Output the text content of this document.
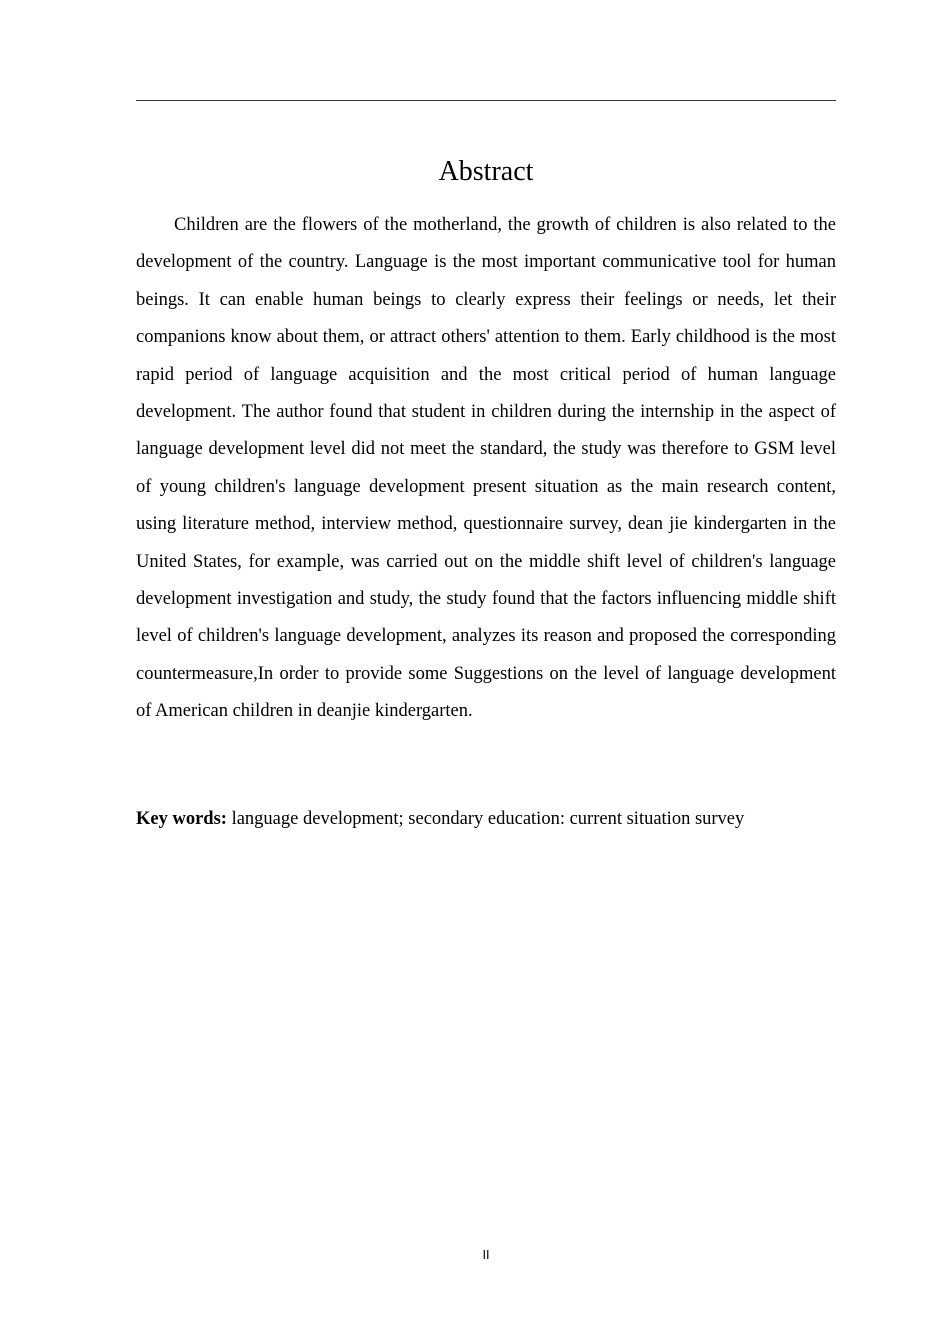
Abstract

Children are the flowers of the motherland, the growth of children is also related to the development of the country. Language is the most important communicative tool for human beings. It can enable human beings to clearly express their feelings or needs, let their companions know about them, or attract others' attention to them. Early childhood is the most rapid period of language acquisition and the most critical period of human language development. The author found that student in children during the internship in the aspect of language development level did not meet the standard, the study was therefore to GSM level of young children's language development present situation as the main research content, using literature method, interview method, questionnaire survey, dean jie kindergarten in the United States, for example, was carried out on the middle shift level of children's language development investigation and study, the study found that the factors influencing middle shift level of children's language development, analyzes its reason and proposed the corresponding countermeasure,In order to provide some Suggestions on the level of language development of American children in deanjie kindergarten.

Key words: language development; secondary education: current situation survey

II
